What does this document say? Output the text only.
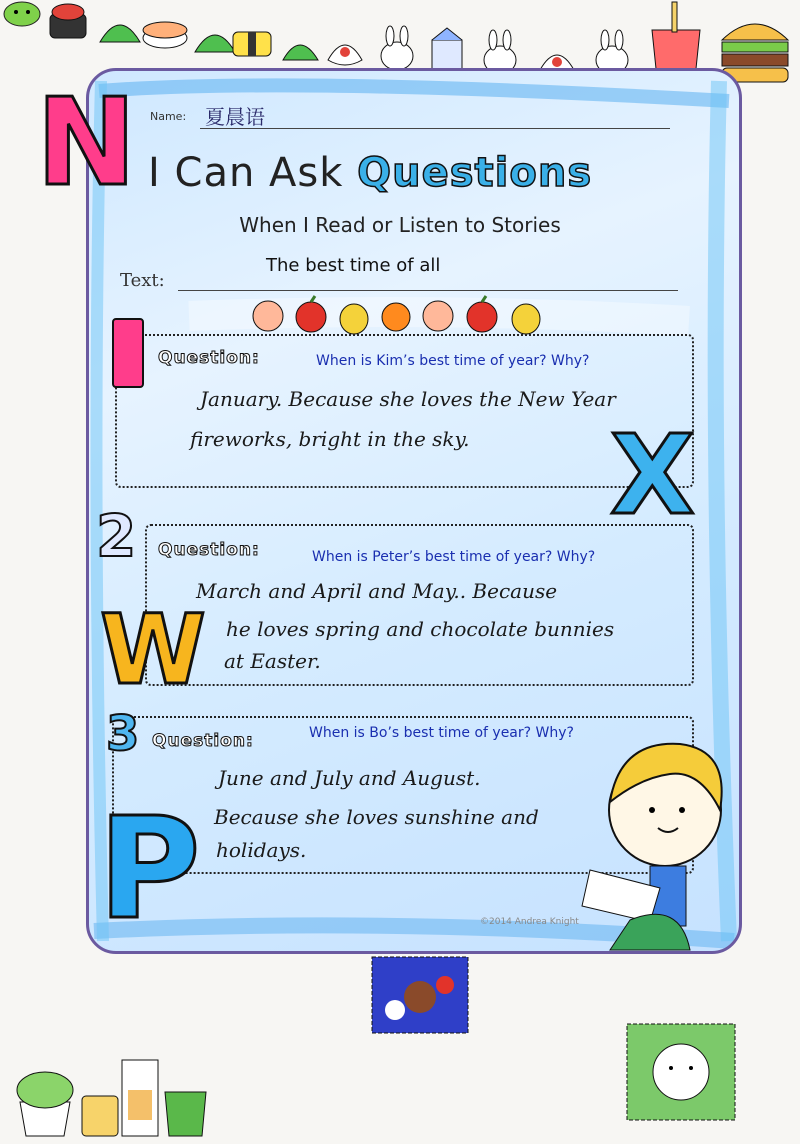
Name: 夏晨语
I Can Ask Questions
When I Read or Listen to Stories
Text:
The best time of all
Question:	When is Kim’s best time of year? Why?
January. Because she loves the New Year
fireworks, bright in the sky.
2 Question:	When is Peter’s best time of year? Why?
March and April and May.. Because
he loves spring and chocolate bunnies
at Easter.
3 Question:	When is Bo’s best time of year? Why?
June and July and August.
Because she loves sunshine and
holidays.
N
X
W
P	©2014 Andrea Knight
